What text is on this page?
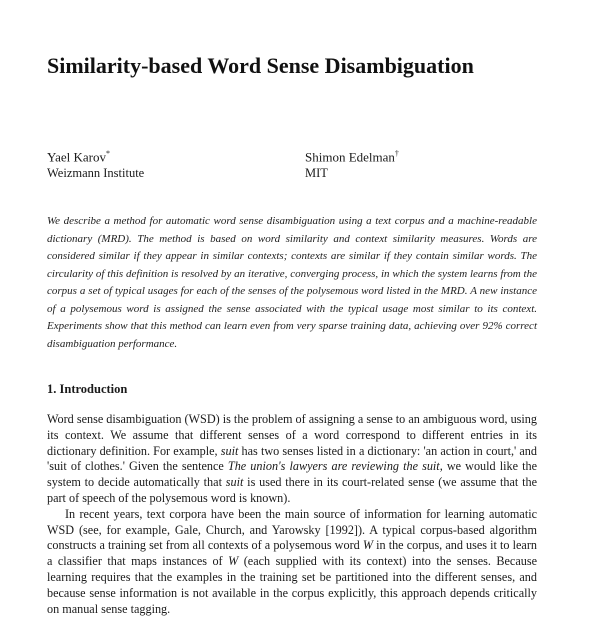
Similarity-based Word Sense Disambiguation
Yael Karov*
Weizmann Institute
Shimon Edelman†
MIT
We describe a method for automatic word sense disambiguation using a text corpus and a machine-readable dictionary (MRD). The method is based on word similarity and context similarity measures. Words are considered similar if they appear in similar contexts; contexts are similar if they contain similar words. The circularity of this definition is resolved by an iterative, converging process, in which the system learns from the corpus a set of typical usages for each of the senses of the polysemous word listed in the MRD. A new instance of a polysemous word is assigned the sense associated with the typical usage most similar to its context. Experiments show that this method can learn even from very sparse training data, achieving over 92% correct disambiguation performance.
1. Introduction

Word sense disambiguation (WSD) is the problem of assigning a sense to an ambiguous word, using its context. We assume that different senses of a word correspond to different entries in its dictionary definition. For example, suit has two senses listed in a dictionary: 'an action in court,' and 'suit of clothes.' Given the sentence The union's lawyers are reviewing the suit, we would like the system to decide automatically that suit is used there in its court-related sense (we assume that the part of speech of the polysemous word is known).

In recent years, text corpora have been the main source of information for learning automatic WSD (see, for example, Gale, Church, and Yarowsky [1992]). A typical corpus-based algorithm constructs a training set from all contexts of a polysemous word W in the corpus, and uses it to learn a classifier that maps instances of W (each supplied with its context) into the senses. Because learning requires that the examples in the training set be partitioned into the different senses, and because sense information is not available in the corpus explicitly, this approach depends critically on manual sense tagging.
